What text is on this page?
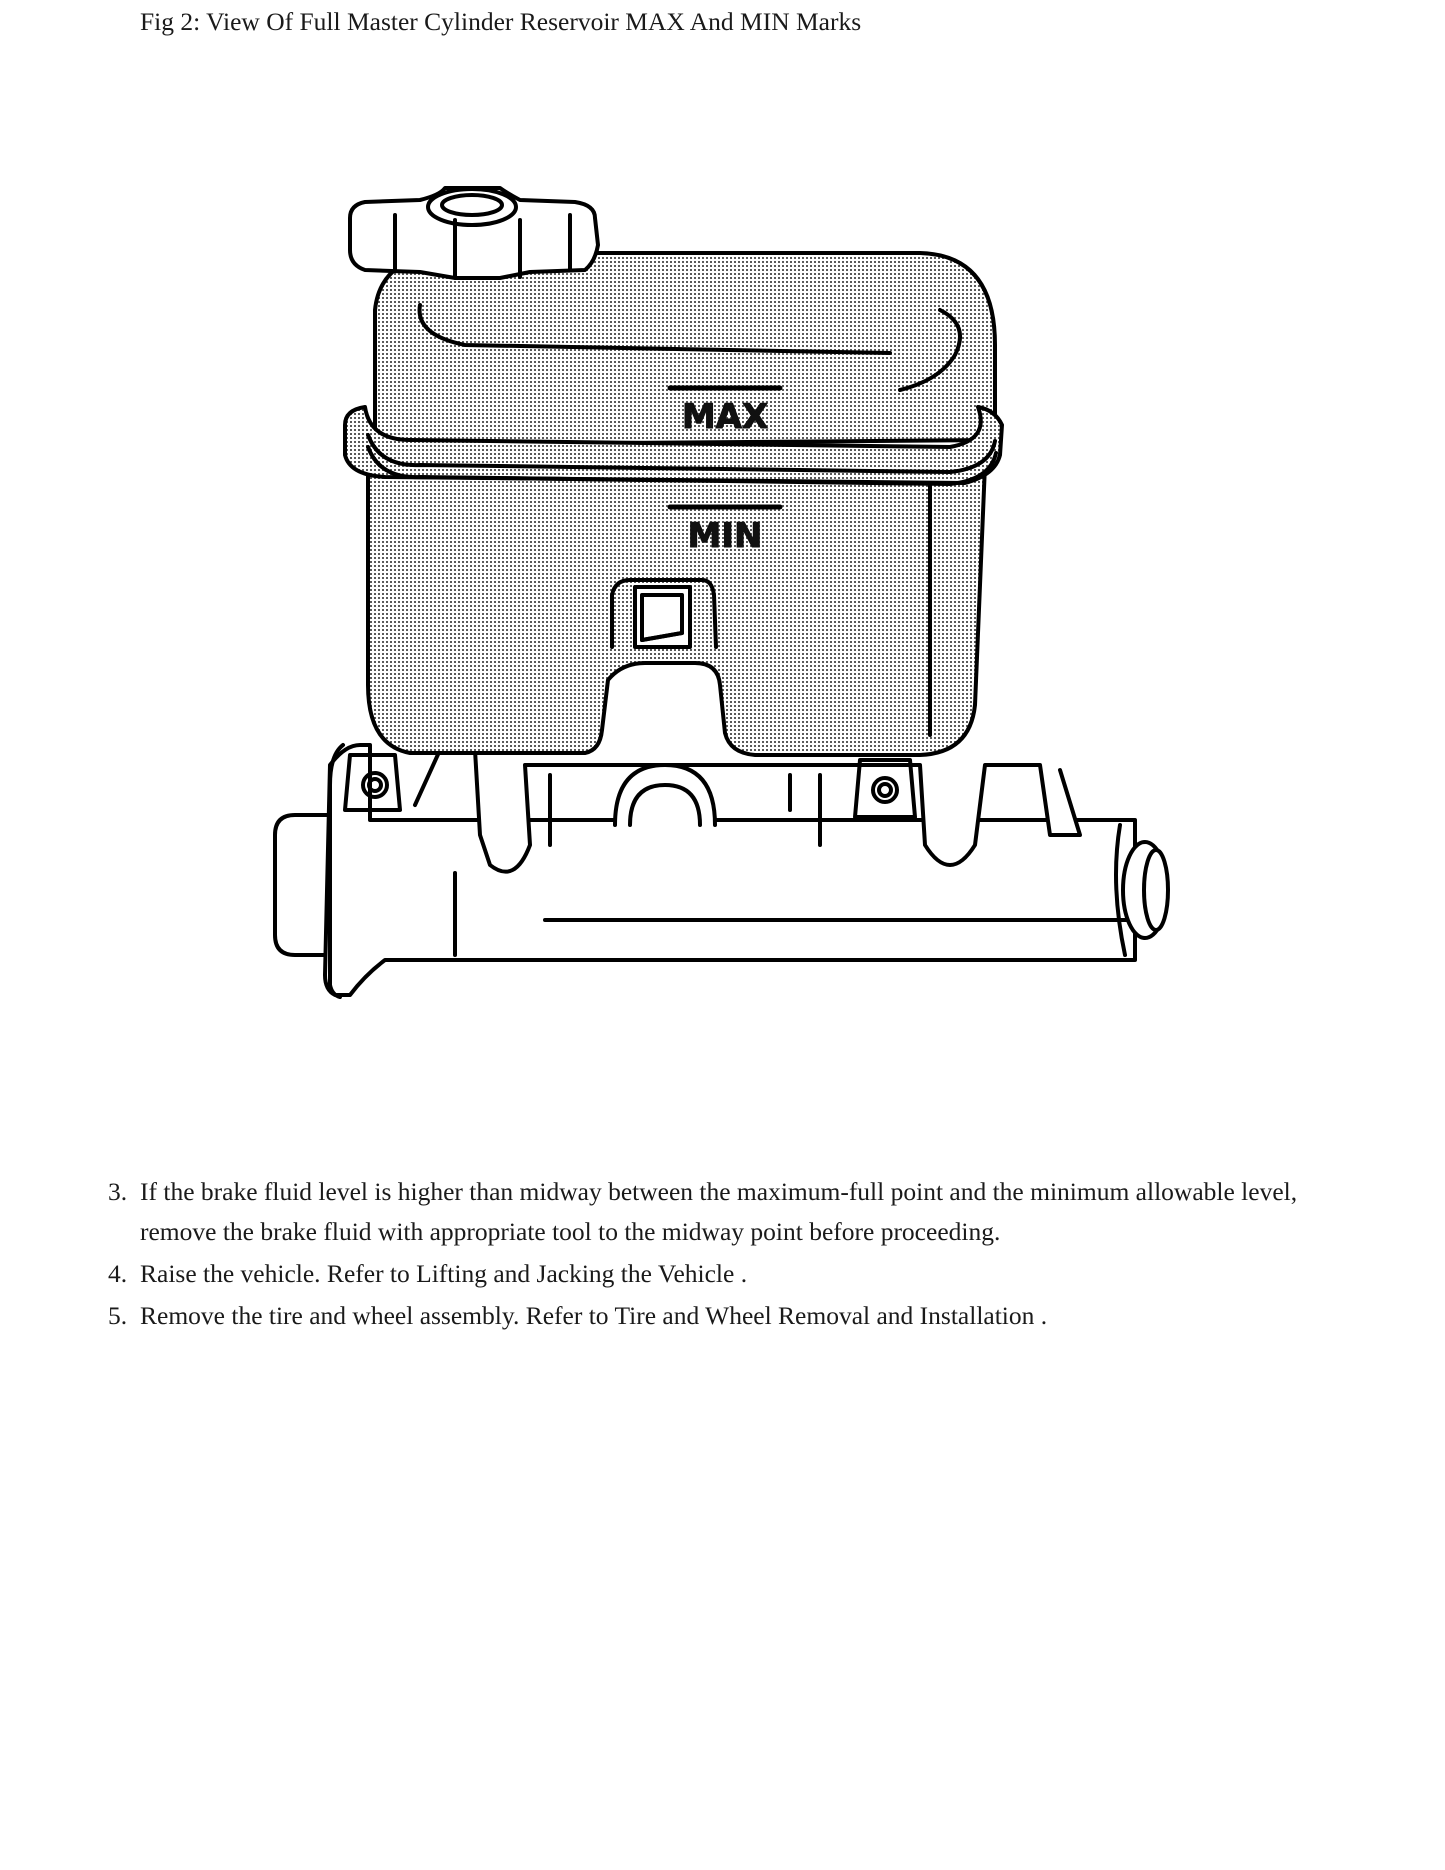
Fig 2: View Of Full Master Cylinder Reservoir MAX And MIN Marks
MAX
MIN
3. If the brake fluid level is higher than midway between the maximum-full point and the minimum allowable level, remove the brake fluid with appropriate tool to the midway point before proceeding.
4. Raise the vehicle. Refer to Lifting and Jacking the Vehicle .
5. Remove the tire and wheel assembly. Refer to Tire and Wheel Removal and Installation .
